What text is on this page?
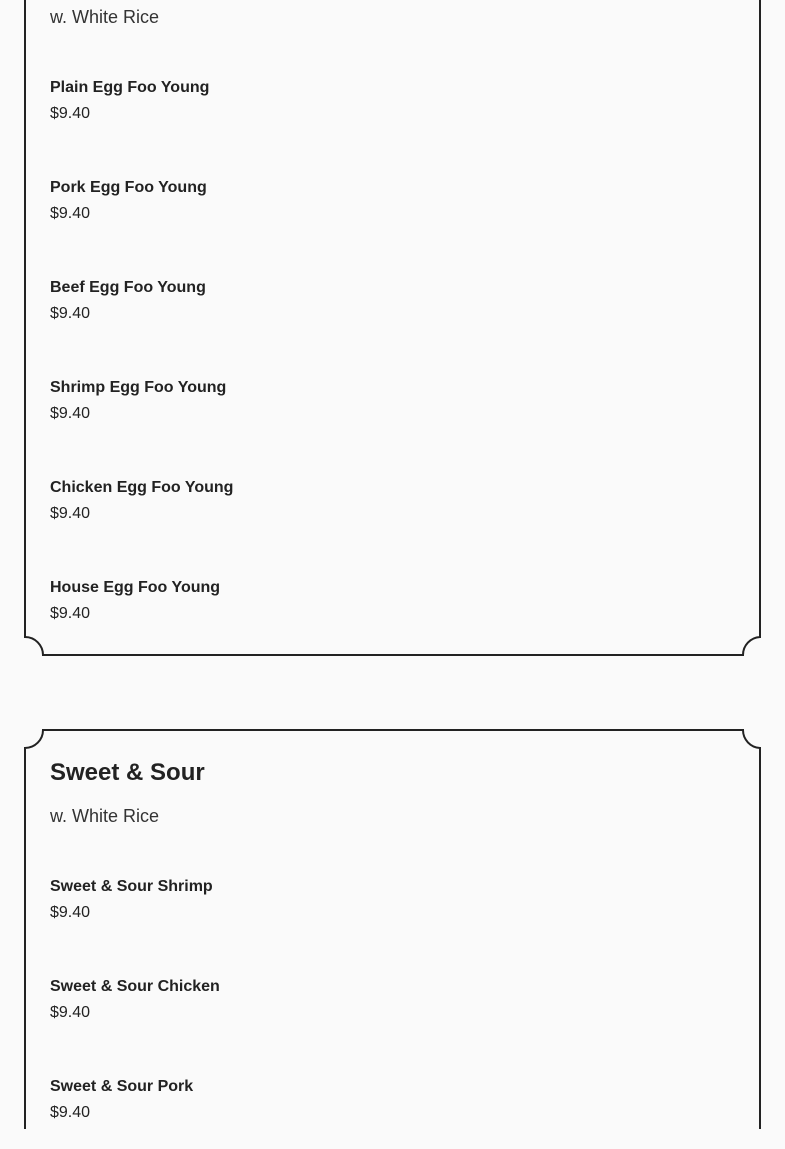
w. White Rice

Plain Egg Foo Young
$9.40
Pork Egg Foo Young
$9.40
Beef Egg Foo Young
$9.40
Shrimp Egg Foo Young
$9.40
Chicken Egg Foo Young
$9.40
House Egg Foo Young
$9.40
Sweet & Sour

w. White Rice

Sweet & Sour Shrimp
$9.40
Sweet & Sour Chicken
$9.40
Sweet & Sour Pork
$9.40
